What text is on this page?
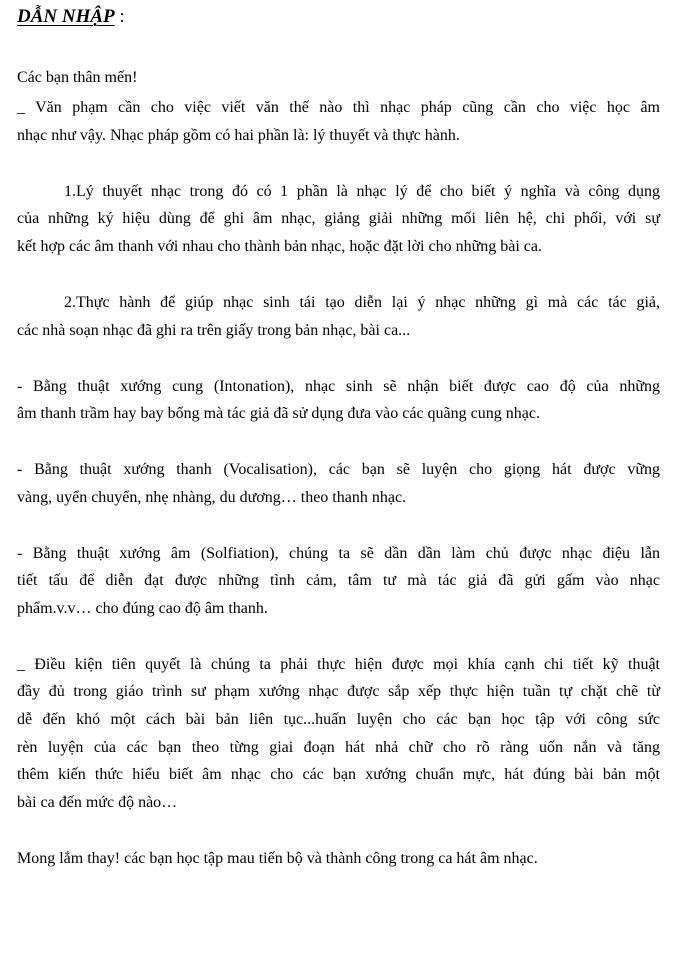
DẪN NHẬP :

Các bạn thân mến!

_ Văn phạm cần cho việc viết văn thế nào thì nhạc pháp cũng cần cho việc học âm

nhạc như vậy. Nhạc pháp gồm có hai phần là: lý thuyết và thực hành.

1.Lý thuyết nhạc trong đó có 1 phần là nhạc lý để cho biết ý nghĩa và công dụng

của những ký hiệu dùng để ghi âm nhạc, giảng giải những mối liên hệ, chi phối, với sự

kết hợp các âm thanh với nhau cho thành bản nhạc, hoặc đặt lời cho những bài ca.

2.Thực hành để giúp nhạc sinh tái tạo diễn lại ý nhạc những gì mà các tác giả,

các nhà soạn nhạc đã ghi ra trên giấy trong bản nhạc, bài ca...

- Bằng thuật xướng cung (Intonation), nhạc sinh sẽ nhận biết được cao độ của những

âm thanh trầm hay bay bổng mà tác giả đã sử dụng đưa vào các quãng cung nhạc.

- Bằng thuật xướng thanh (Vocalisation), các bạn sẽ luyện cho giọng hát được vững

vàng, uyển chuyển, nhẹ nhàng, du dương… theo thanh nhạc.

- Bằng thuật xướng âm (Solfiation), chúng ta sẽ dần dần làm chủ được nhạc điệu lẫn

tiết tấu để diễn đạt được những tình cảm, tâm tư mà tác giả đã gửi gấm vào nhạc

phẩm.v.v… cho đúng cao độ âm thanh.

_ Điều kiện tiên quyết là chúng ta phải thực hiện được mọi khía cạnh chi tiết kỹ thuật

đầy đủ trong giáo trình sư phạm xướng nhạc được sắp xếp thực hiện tuần tự chặt chẽ từ

dễ đến khó một cách bài bản liên tục...huấn luyện cho các bạn học tập với công sức

rèn luyện của các bạn theo từng giai đoạn hát nhả chữ cho rõ ràng uốn nắn và tăng

thêm kiến thức hiểu biết âm nhạc cho các bạn xướng chuẩn mực, hát đúng bài bản một

bài ca đến mức độ nào…

Mong lắm thay! các bạn học tập mau tiến bộ và thành công trong ca hát âm nhạc.
